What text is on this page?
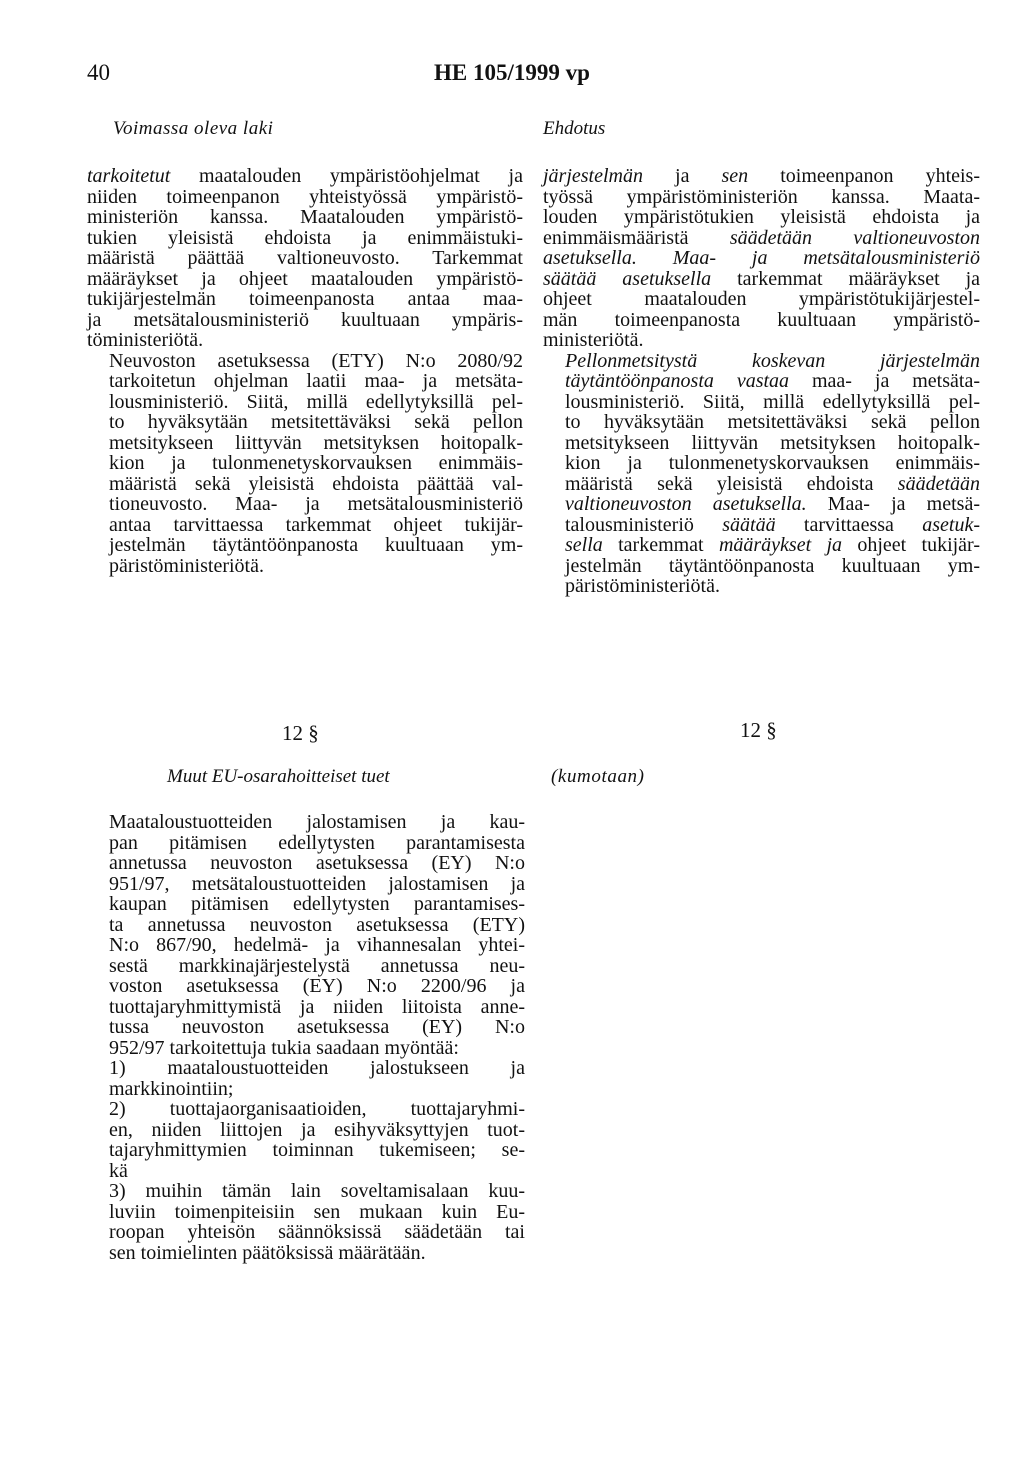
40	HE 105/1999 vp
Voimassa oleva laki	Ehdotus

tarkoitetut maatalouden ympäristöohjelmat ja
niiden toimeenpanon yhteistyössä ympäristö-
ministeriön kanssa. Maatalouden ympäristö-
tukien yleisistä ehdoista ja enimmäistuki-
määristä päättää valtioneuvosto. Tarkemmat
määräykset ja ohjeet maatalouden ympäristö-
tukijärjestelmän toimeenpanosta antaa maa-
ja metsätalousministeriö kuultuaan ympäris-
töministeriötä.

Neuvoston asetuksessa (ETY) N:o 2080/92
tarkoitetun ohjelman laatii maa- ja metsäta-
lousministeriö. Siitä, millä edellytyksillä pel-
to hyväksytään metsitettäväksi sekä pellon
metsitykseen liittyvän metsityksen hoitopalk-
kion ja tulonmenetyskorvauksen enimmäis-
määristä sekä yleisistä ehdoista päättää val-
tioneuvosto. Maa- ja metsätalousministeriö
antaa tarvittaessa tarkemmat ohjeet tukijär-
jestelmän täytäntöönpanosta kuultuaan ym-
päristöministeriötä.

järjestelmän ja sen toimeenpanon yhteis-
työssä ympäristöministeriön kanssa. Maata-
louden ympäristötukien yleisistä ehdoista ja
enimmäismääristä säädetään valtioneuvoston
asetuksella. Maa- ja metsätalousministeriö
säätää asetuksella tarkemmat määräykset ja
ohjeet maatalouden ympäristötukijärjestel-
män toimeenpanosta kuultuaan ympäristö-
ministeriötä.

Pellonmetsitystä koskevan järjestelmän
täytäntöönpanosta vastaa maa- ja metsäta-
lousministeriö. Siitä, millä edellytyksillä pel-
to hyväksytään metsitettäväksi sekä pellon
metsitykseen liittyvän metsityksen hoitopalk-
kion ja tulonmenetyskorvauksen enimmäis-
määristä sekä yleisistä ehdoista säädetään
valtioneuvoston asetuksella. Maa- ja metsä-
talousministeriö säätää tarvittaessa asetuk-
sella tarkemmat määräykset ja ohjeet tukijär-
jestelmän täytäntöönpanosta kuultuaan ym-
päristöministeriötä.

12 §	12 §
Muut EU-osarahoitteiset tuet	(kumotaan)

Maataloustuotteiden jalostamisen ja kau-
pan pitämisen edellytysten parantamisesta
annetussa neuvoston asetuksessa (EY) N:o
951/97, metsätaloustuotteiden jalostamisen ja
kaupan pitämisen edellytysten parantamises-
ta annetussa neuvoston asetuksessa (ETY)
N:o 867/90, hedelmä- ja vihannesalan yhtei-
sestä markkinajärjestelystä annetussa neu-
voston asetuksessa (EY) N:o 2200/96 ja
tuottajaryhmittymistä ja niiden liitoista anne-
tussa neuvoston asetuksessa (EY) N:o
952/97 tarkoitettuja tukia saadaan myöntää:

1) maataloustuotteiden jalostukseen ja
markkinointiin;

2) tuottajaorganisaatioiden, tuottajaryhmi-
en, niiden liittojen ja esihyväksyttyjen tuot-
tajaryhmittymien toiminnan tukemiseen; se-
kä

3) muihin tämän lain soveltamisalaan kuu-
luviin toimenpiteisiin sen mukaan kuin Eu-
roopan yhteisön säännöksissä säädetään tai
sen toimielinten päätöksissä määrätään.
